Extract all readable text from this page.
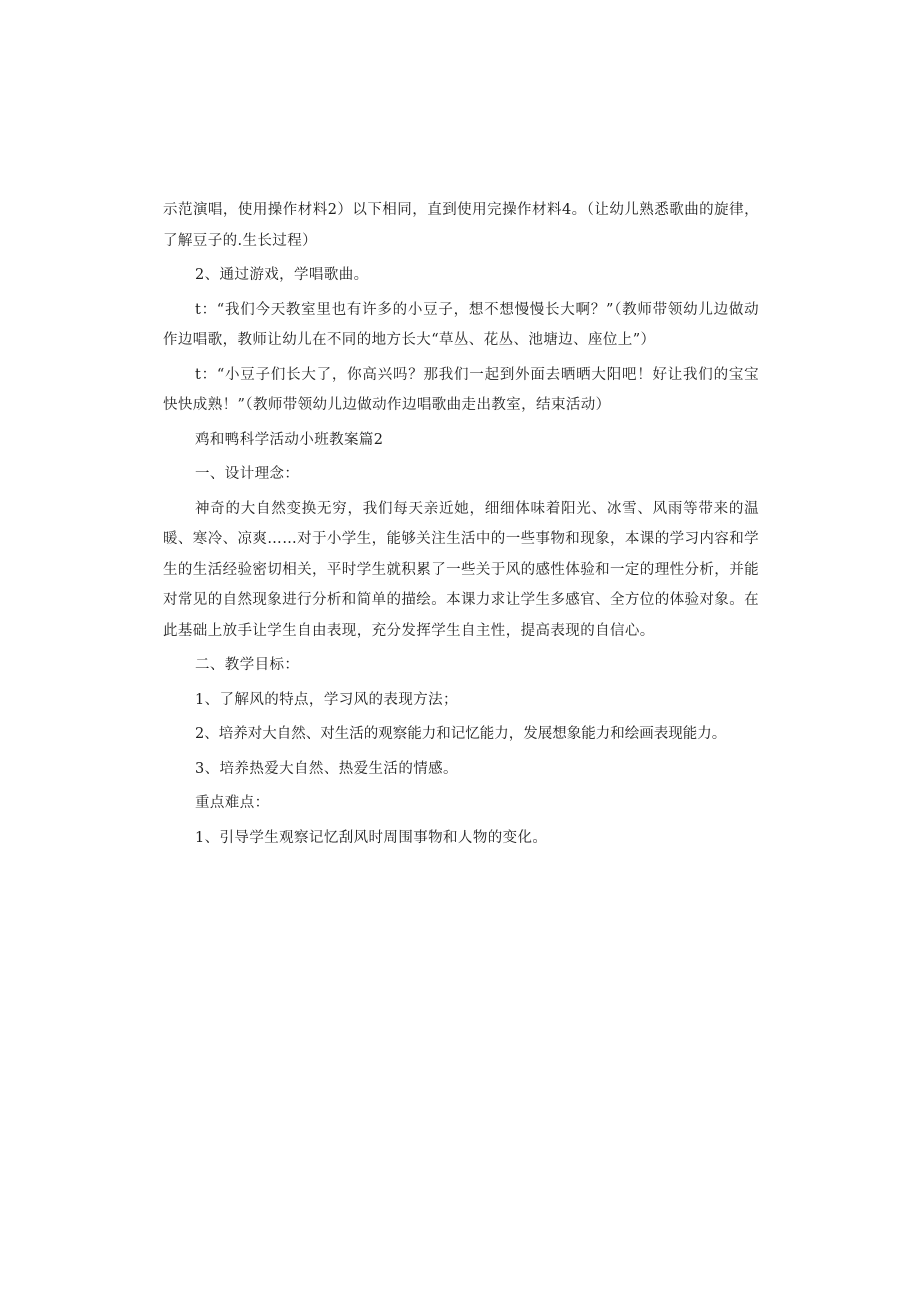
示范演唱，使用操作材料2）以下相同，直到使用完操作材料4。（让幼儿熟悉歌曲的旋律，了解豆子的.生长过程）

2、通过游戏，学唱歌曲。

t：“我们今天教室里也有许多的小豆子，想不想慢慢长大啊？”（教师带领幼儿边做动作边唱歌，教师让幼儿在不同的地方长大“草丛、花丛、池塘边、座位上”）

t：“小豆子们长大了，你高兴吗？那我们一起到外面去晒晒大阳吧！好让我们的宝宝快快成熟！”（教师带领幼儿边做动作边唱歌曲走出教室，结束活动）

鸡和鸭科学活动小班教案篇2

一、设计理念：

神奇的大自然变换无穷，我们每天亲近她，细细体味着阳光、冰雪、风雨等带来的温暖、寒冷、凉爽……对于小学生，能够关注生活中的一些事物和现象，本课的学习内容和学生的生活经验密切相关，平时学生就积累了一些关于风的感性体验和一定的理性分析，并能对常见的自然现象进行分析和简单的描绘。本课力求让学生多感官、全方位的体验对象。在此基础上放手让学生自由表现，充分发挥学生自主性，提高表现的自信心。

二、教学目标：

1、了解风的特点，学习风的表现方法；

2、培养对大自然、对生活的观察能力和记忆能力，发展想象能力和绘画表现能力。

3、培养热爱大自然、热爱生活的情感。

重点难点：

1、引导学生观察记忆刮风时周围事物和人物的变化。
